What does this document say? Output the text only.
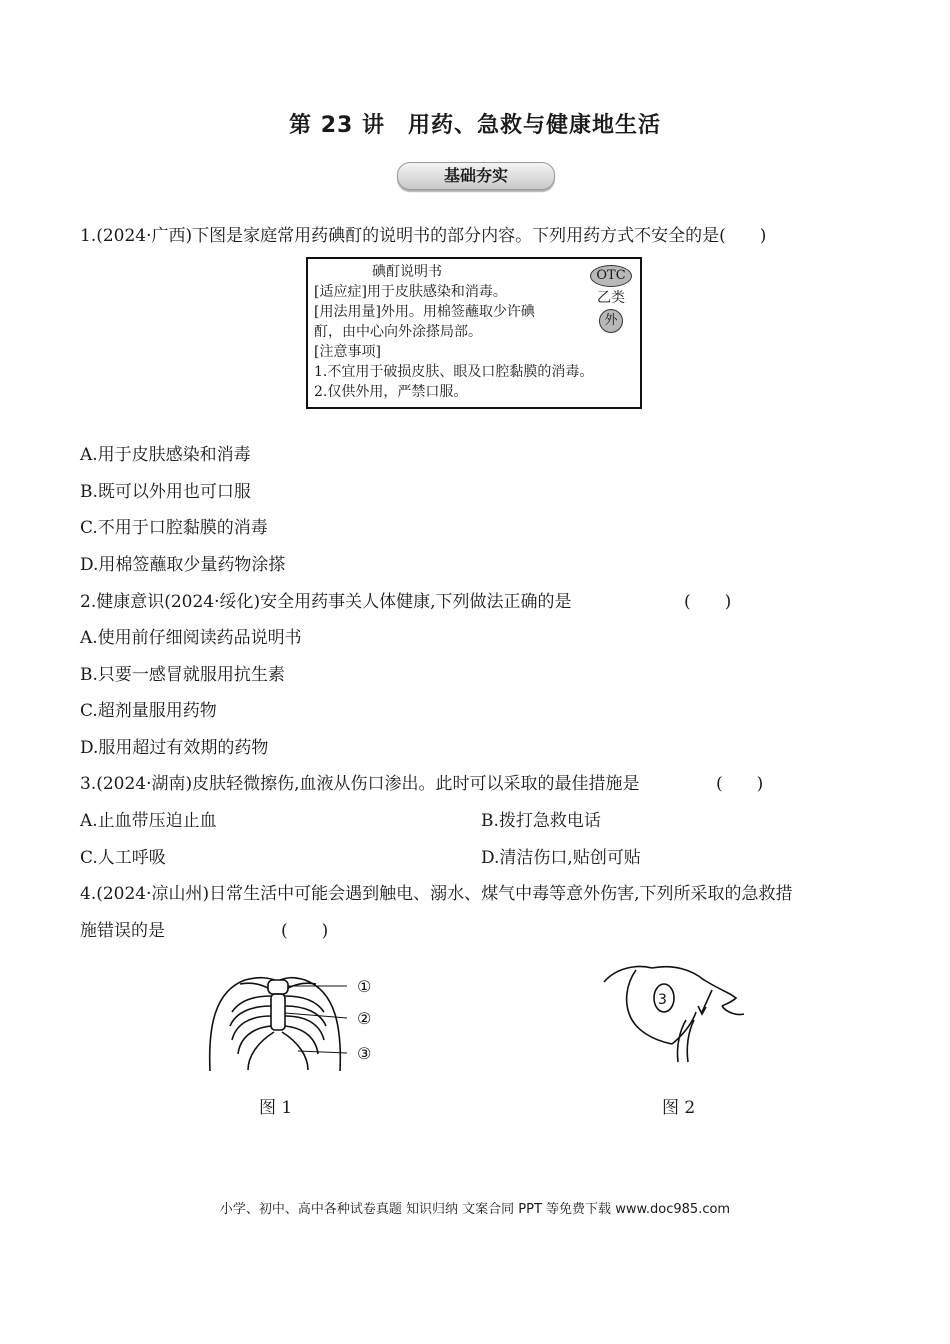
第 23 讲　用药、急救与健康地生活
基础夯实
1.(2024·广西)下图是家庭常用药碘酊的说明书的部分内容。下列用药方式不安全的是( )
碘酊说明书
[适应症]用于皮肤感染和消毒。
[用法用量]外用。用棉签蘸取少许碘
酊，由中心向外涂搽局部。
[注意事项]
1.不宜用于破损皮肤、眼及口腔黏膜的消毒。
2.仅供外用，严禁口服。
OTC
乙类
外
A.用于皮肤感染和消毒
B.既可以外用也可口服
C.不用于口腔黏膜的消毒
D.用棉签蘸取少量药物涂搽
2.健康意识(2024·绥化)安全用药事关人体健康,下列做法正确的是	(　　)
A.使用前仔细阅读药品说明书
B.只要一感冒就服用抗生素
C.超剂量服用药物
D.服用超过有效期的药物
3.(2024·湖南)皮肤轻微擦伤,血液从伤口渗出。此时可以采取的最佳措施是	(　　)
A.止血带压迫止血	B.拨打急救电话
C.人工呼吸	D.清洁伤口,贴创可贴
4.(2024·凉山州)日常生活中可能会遇到触电、溺水、煤气中毒等意外伤害,下列所采取的急救措
施错误的是	(　　)
①
②
③
图 1
3
图 2
小学、初中、高中各种试卷真题 知识归纳 文案合同 PPT 等免费下载 www.doc985.com
